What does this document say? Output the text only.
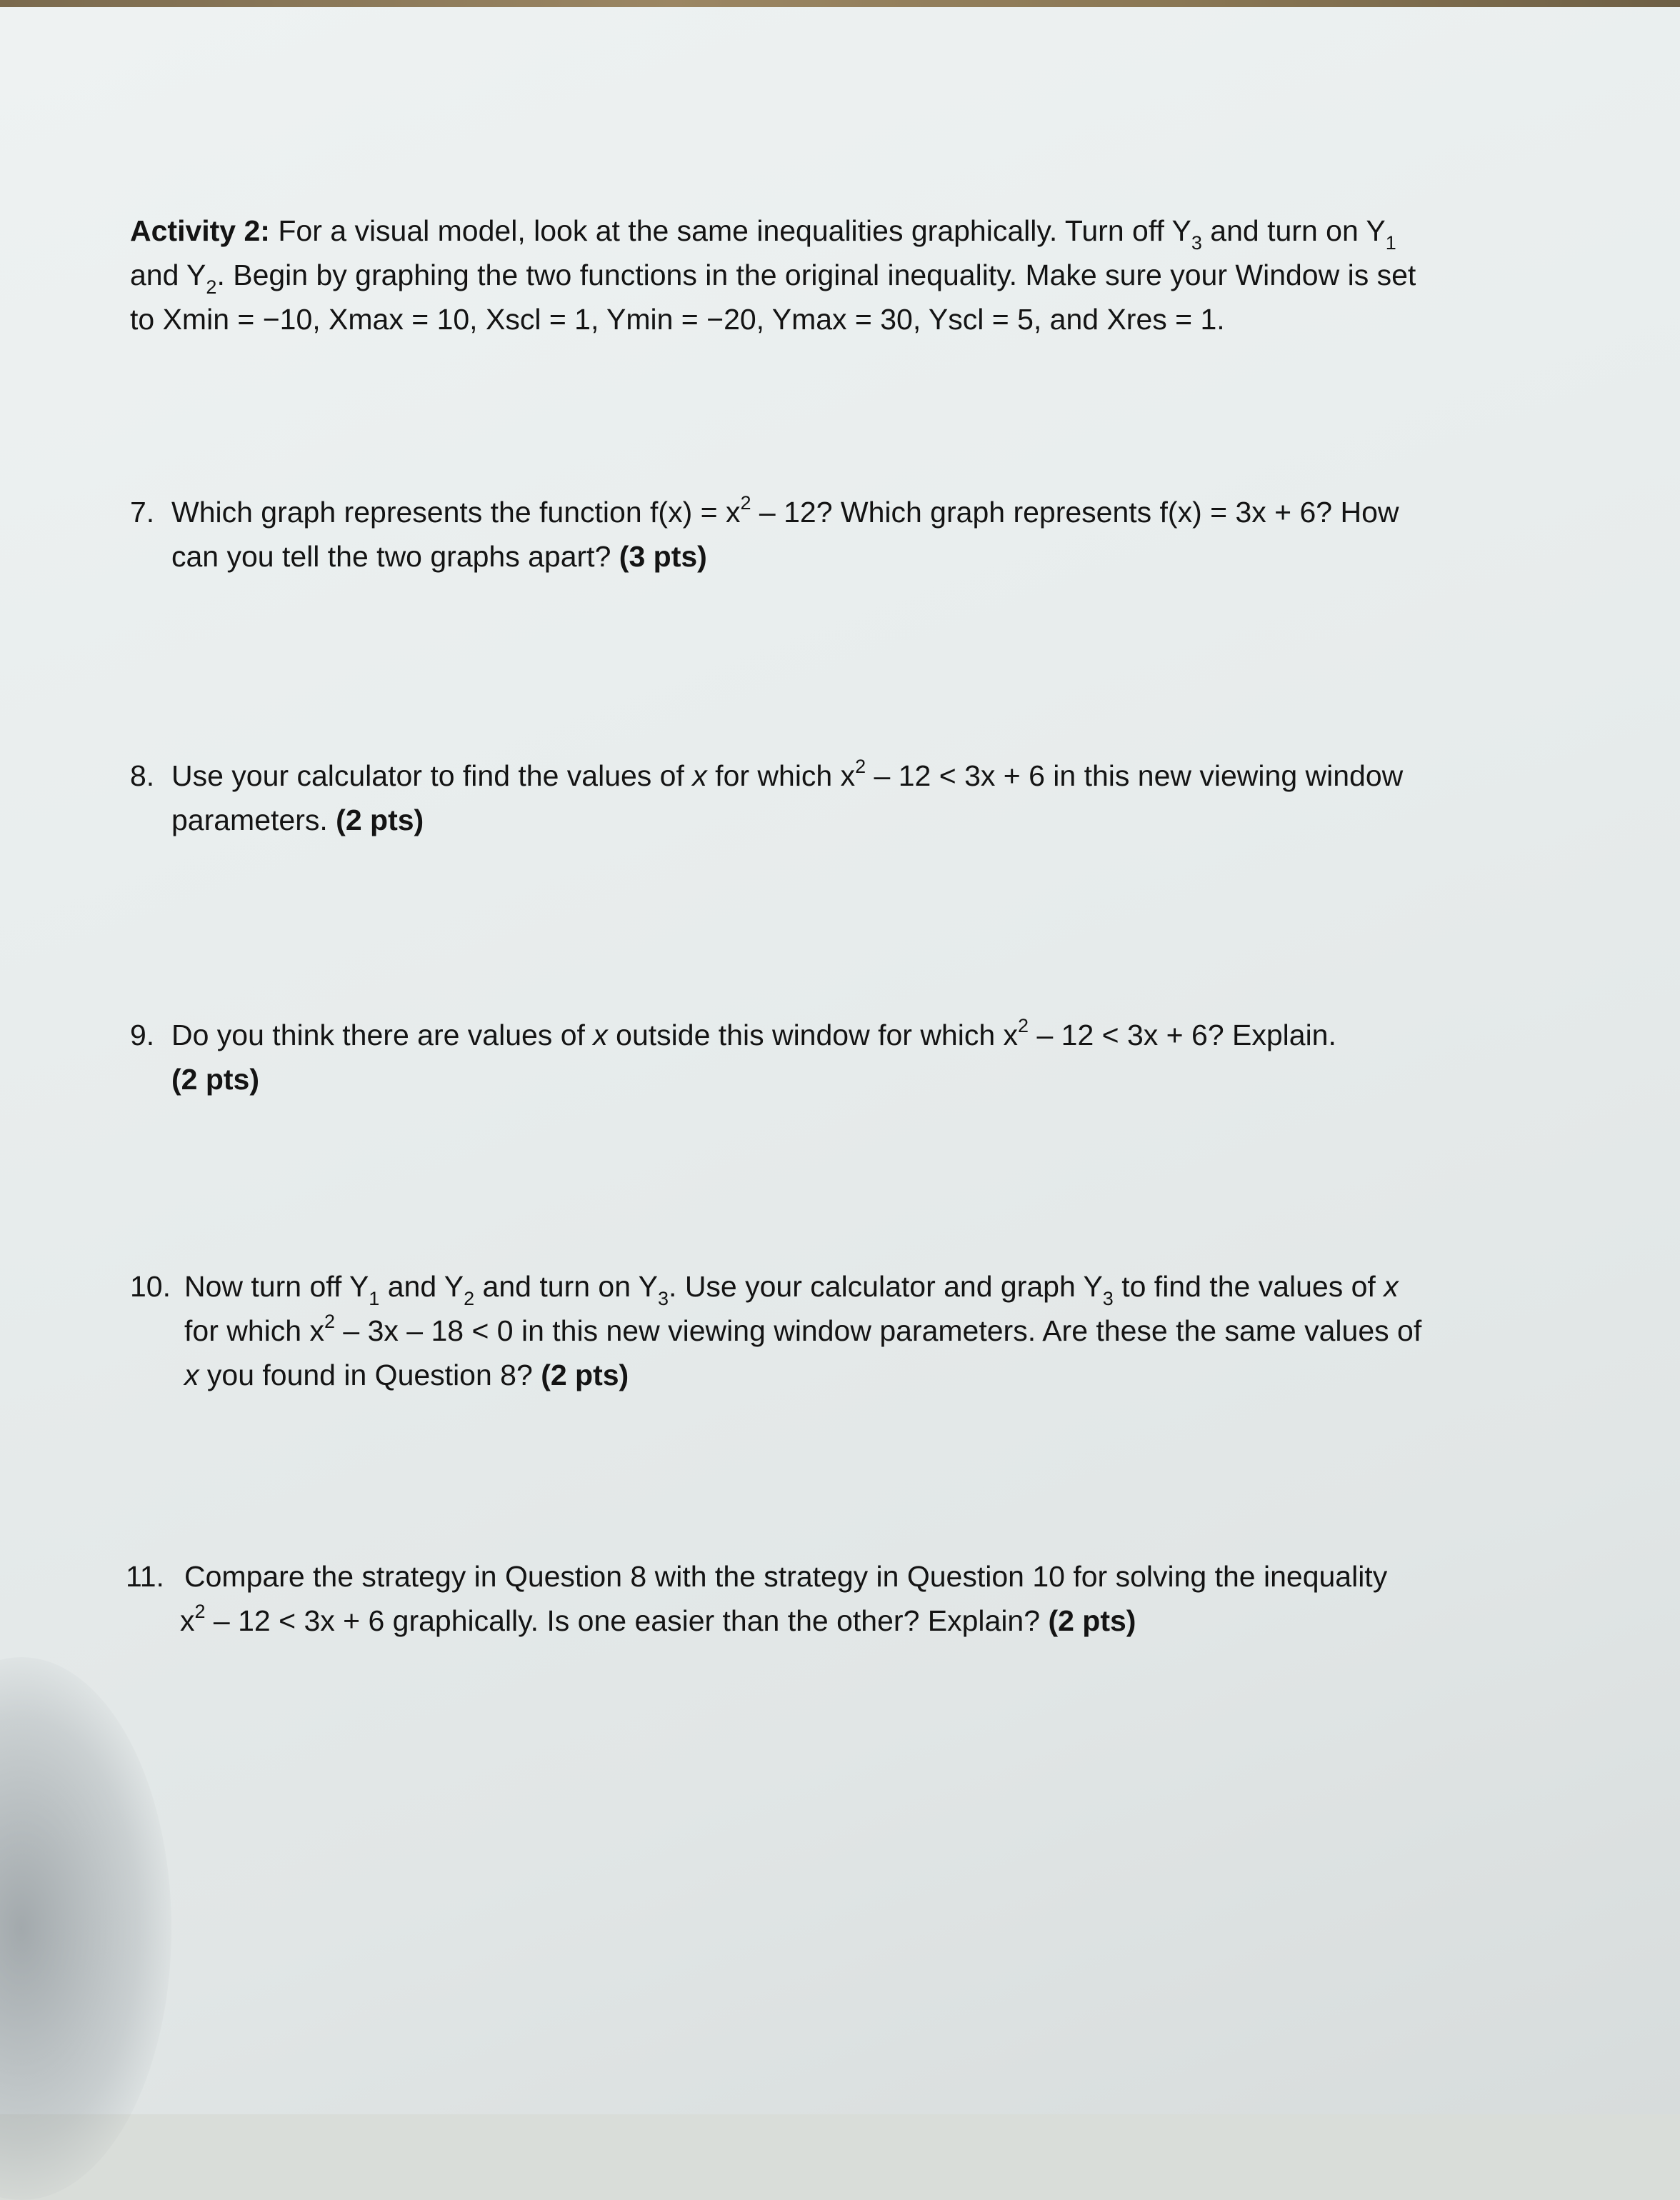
Activity 2: For a visual model, look at the same inequalities graphically. Turn off $Y_3$ and turn on $Y_1$
and $Y_2$. Begin by graphing the two functions in the original inequality. Make sure your Window is set
to Xmin = −10, Xmax = 10, Xscl = 1, Ymin = −20, Ymax = 30, Yscl = 5, and Xres = 1.
7. Which graph represents the function $f(x) = x^2 - 12$? Which graph represents f(x) = 3x + 6? How
can you tell the two graphs apart? (3 pts)
8. Use your calculator to find the values of x for which $x^2 - 12 < 3x + 6$ in this new viewing window
parameters. (2 pts)
9. Do you think there are values of x outside this window for which $x^2 - 12 < 3x + 6$? Explain.
(2 pts)
10. Now turn off $Y_1$ and $Y_2$ and turn on $Y_3$. Use your calculator and graph $Y_3$ to find the values of x
for which $x^2 - 3x - 18 < 0$ in this new viewing window parameters. Are these the same values of
x you found in Question 8? (2 pts)
11. Compare the strategy in Question 8 with the strategy in Question 10 for solving the inequality
$x^2 - 12 < 3x + 6$ graphically. Is one easier than the other? Explain? (2 pts)
